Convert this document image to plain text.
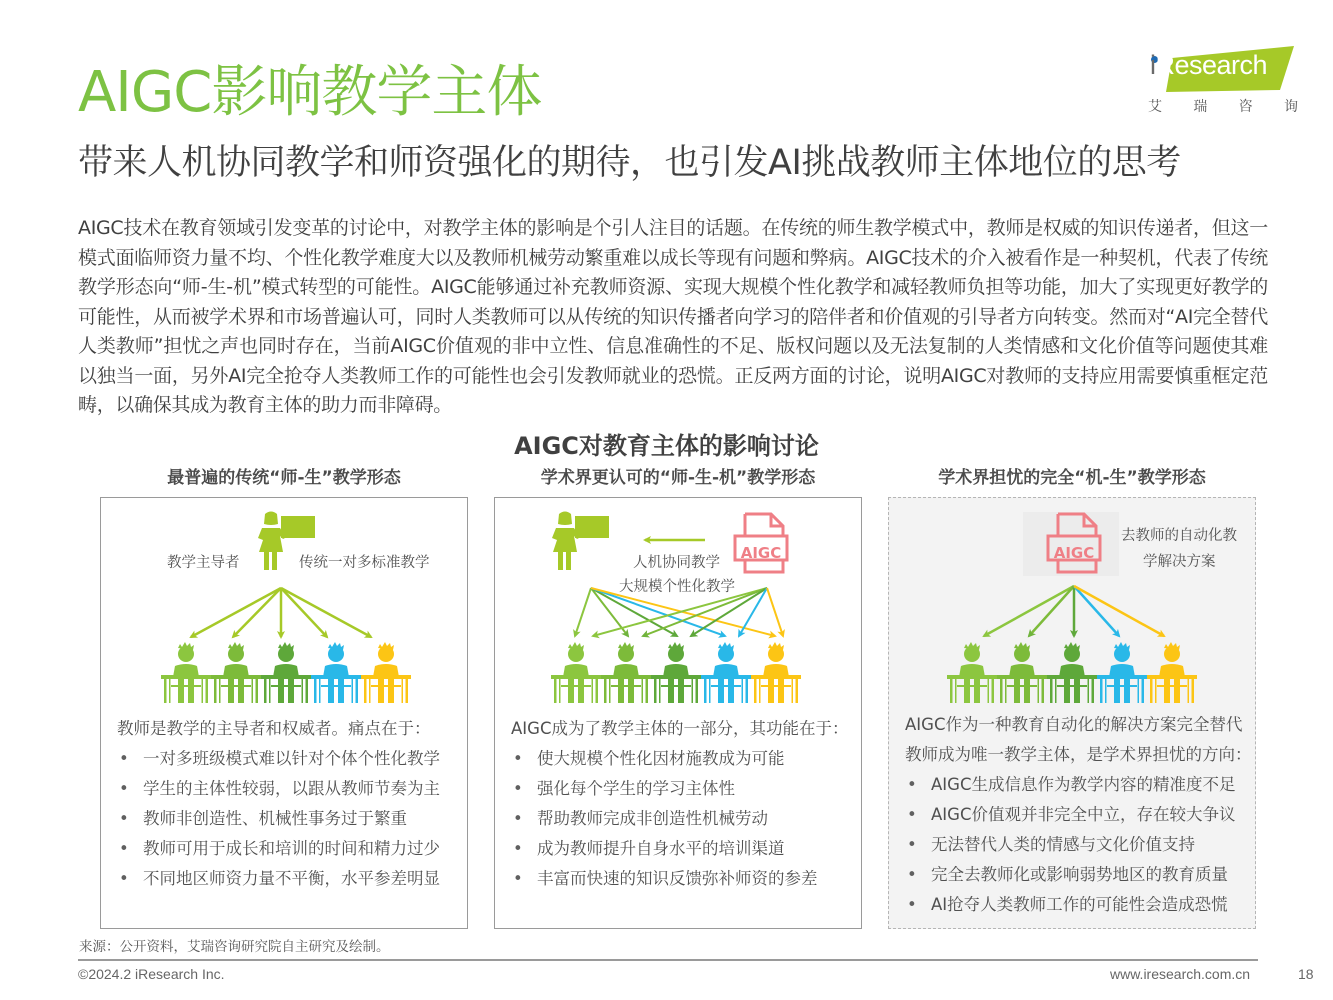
AIGC影响教学主体
带来人机协同教学和师资强化的期待，也引发AI挑战教师主体地位的思考
iResearch
艾 瑞 咨 询
AIGC技术在教育领域引发变革的讨论中，对教学主体的影响是个引人注目的话题。在传统的师生教学模式中，教师是权威的知识传递者，但这一模式面临师资力量不均、个性化教学难度大以及教师机械劳动繁重难以成长等现有问题和弊病。AIGC技术的介入被看作是一种契机，代表了传统教学形态向“师-生-机”模式转型的可能性。AIGC能够通过补充教师资源、实现大规模个性化教学和减轻教师负担等功能，加大了实现更好教学的可能性，从而被学术界和市场普遍认可，同时人类教师可以从传统的知识传播者向学习的陪伴者和价值观的引导者方向转变。然而对“AI完全替代人类教师”担忧之声也同时存在，当前AIGC价值观的非中立性、信息准确性的不足、版权问题以及无法复制的人类情感和文化价值等问题使其难以独当一面，另外AI完全抢夺人类教师工作的可能性也会引发教师就业的恐慌。正反两方面的讨论，说明AIGC对教师的支持应用需要慎重框定范畴，以确保其成为教育主体的助力而非障碍。
AIGC对教育主体的影响讨论
最普遍的传统“师-生”教学形态	学术界更认可的“师-生-机”教学形态	学术界担忧的完全“机-生”教学形态
教学主导者	传统一对多标准教学
教师是教学的主导者和权威者。痛点在于：
• 一对多班级模式难以针对个体个性化教学
• 学生的主体性较弱，以跟从教师节奏为主
• 教师非创造性、机械性事务过于繁重
• 教师可用于成长和培训的时间和精力过少
• 不同地区师资力量不平衡，水平参差明显
AIGC
人机协同教学
大规模个性化教学
AIGC成为了教学主体的一部分，其功能在于：
• 使大规模个性化因材施教成为可能
• 强化每个学生的学习主体性
• 帮助教师完成非创造性机械劳动
• 成为教师提升自身水平的培训渠道
• 丰富而快速的知识反馈弥补师资的参差
AIGC
去教师的自动化教
学解决方案
AIGC作为一种教育自动化的解决方案完全替代
教师成为唯一教学主体，是学术界担忧的方向：
• AIGC生成信息作为教学内容的精准度不足
• AIGC价值观并非完全中立，存在较大争议
• 无法替代人类的情感与文化价值支持
• 完全去教师化或影响弱势地区的教育质量
• AI抢夺人类教师工作的可能性会造成恐慌
来源：公开资料，艾瑞咨询研究院自主研究及绘制。
©2024.2 iResearch Inc.	www.iresearch.com.cn	18
